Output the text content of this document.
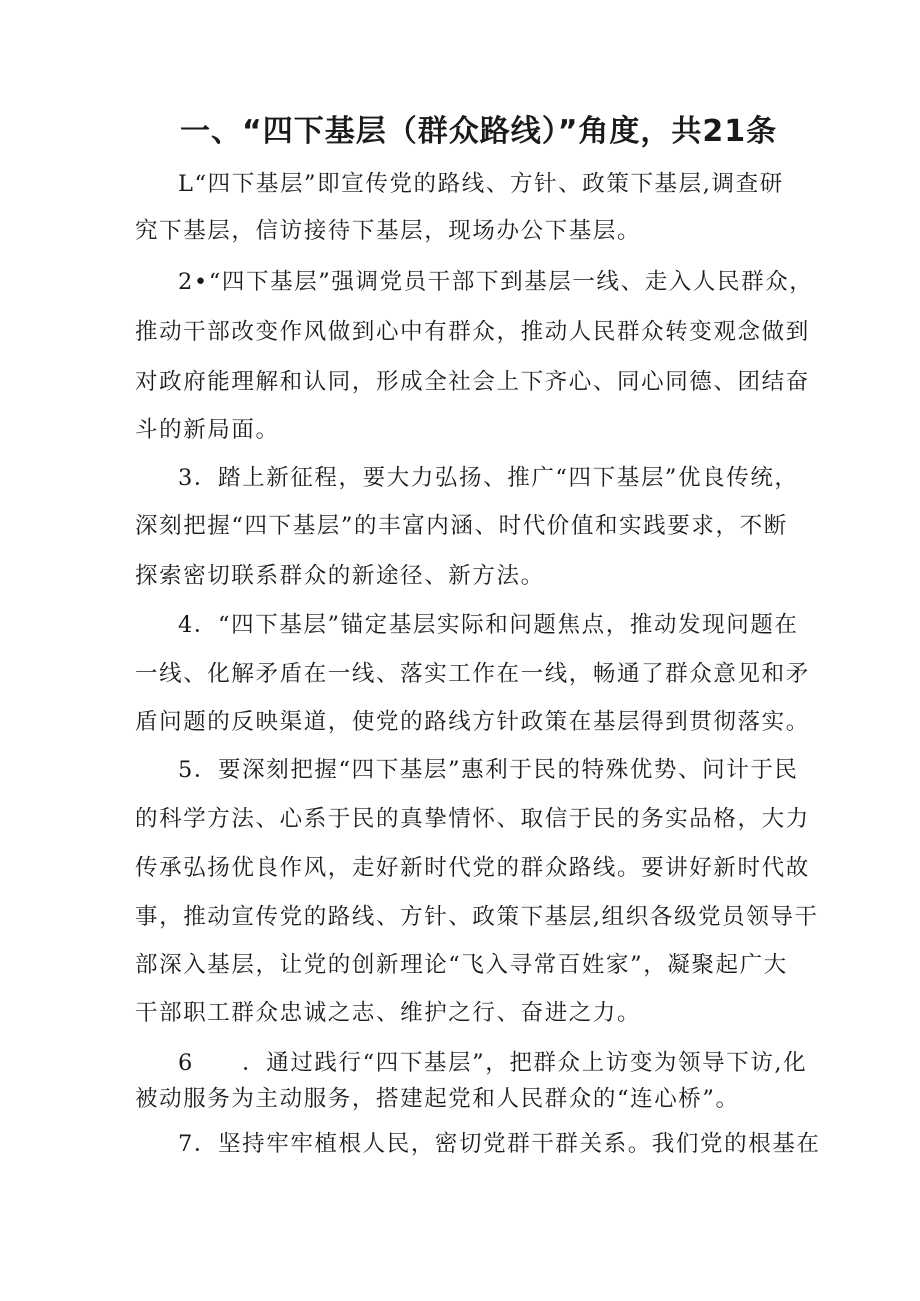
一、“四下基层（群众路线）”角度，共21条
L“四下基层”即宣传党的路线、方针、政策下基层,调查研
究下基层，信访接待下基层，现场办公下基层。
2•“四下基层”强调党员干部下到基层一线、走入人民群众，
推动干部改变作风做到心中有群众，推动人民群众转变观念做到
对政府能理解和认同，形成全社会上下齐心、同心同德、团结奋
斗的新局面。
3．踏上新征程，要大力弘扬、推广“四下基层”优良传统，
深刻把握“四下基层”的丰富内涵、时代价值和实践要求，不断
探索密切联系群众的新途径、新方法。
4．“四下基层”锚定基层实际和问题焦点，推动发现问题在
一线、化解矛盾在一线、落实工作在一线，畅通了群众意见和矛
盾问题的反映渠道，使党的路线方针政策在基层得到贯彻落实。
5．要深刻把握“四下基层”惠利于民的特殊优势、问计于民
的科学方法、心系于民的真挚情怀、取信于民的务实品格，大力
传承弘扬优良作风，走好新时代党的群众路线。要讲好新时代故
事，推动宣传党的路线、方针、政策下基层,组织各级党员领导干
部深入基层，让党的创新理论“飞入寻常百姓家”，凝聚起广大
干部职工群众忠诚之志、维护之行、奋进之力。
6　　．通过践行“四下基层”，把群众上访变为领导下访,化
被动服务为主动服务，搭建起党和人民群众的“连心桥”。
7．坚持牢牢植根人民，密切党群干群关系。我们党的根基在
